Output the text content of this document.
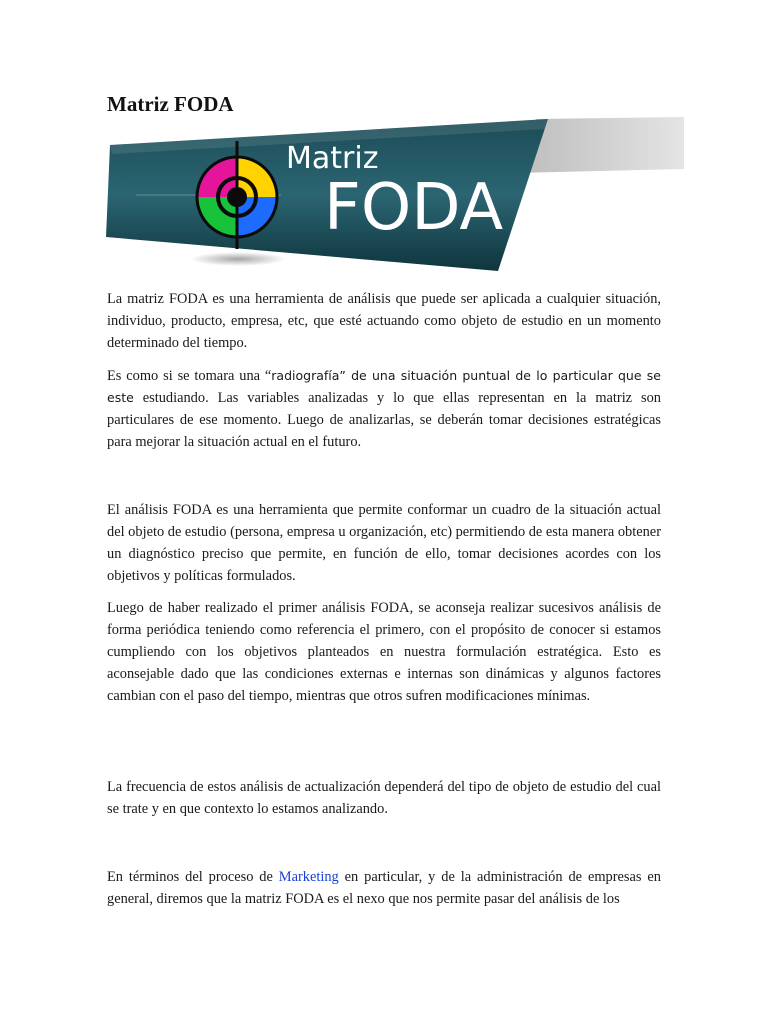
Matriz FODA
Matriz
FODA

La matriz FODA es una herramienta de análisis que puede ser aplicada a cualquier situación, individuo, producto, empresa, etc, que esté actuando como objeto de estudio en un momento determinado del tiempo.

Es como si se tomara una “radiografía” de una situación puntual de lo particular que se este estudiando. Las variables analizadas y lo que ellas representan en la matriz son particulares de ese momento. Luego de analizarlas, se deberán tomar decisiones estratégicas para mejorar la situación actual en el futuro.

El análisis FODA es una herramienta que permite conformar un cuadro de la situación actual del objeto de estudio (persona, empresa u organización, etc) permitiendo de esta manera obtener un diagnóstico preciso que permite, en función de ello, tomar decisiones acordes con los objetivos y políticas formulados.

Luego de haber realizado el primer análisis FODA, se aconseja realizar sucesivos análisis de forma periódica teniendo como referencia el primero, con el propósito de conocer si estamos cumpliendo con los objetivos planteados en nuestra formulación estratégica. Esto es aconsejable dado que las condiciones externas e internas son dinámicas y algunos factores cambian con el paso del tiempo, mientras que otros sufren modificaciones mínimas.

La frecuencia de estos análisis de actualización dependerá del tipo de objeto de estudio del cual se trate y en que contexto lo estamos analizando.

En términos del proceso de Marketing en particular, y de la administración de empresas en general, diremos que la matriz FODA es el nexo que nos permite pasar del análisis de los
